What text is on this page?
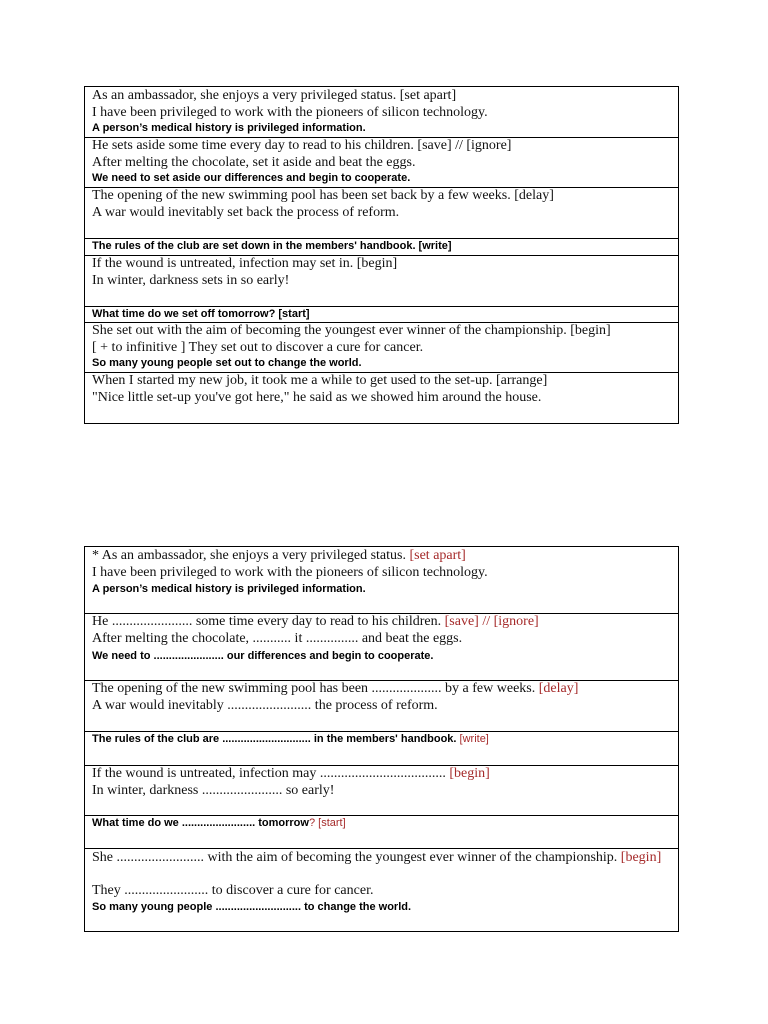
As an ambassador, she enjoys a very privileged status. [set apart]
I have been privileged to work with the pioneers of silicon technology.
A person’s medical history is privileged information.
He sets aside some time every day to read to his children. [save] // [ignore]
After melting the chocolate, set it aside and beat the eggs.
We need to set aside our differences and begin to cooperate.
The opening of the new swimming pool has been set back by a few weeks. [delay]
A war would inevitably set back the process of reform.
The rules of the club are set down in the members' handbook. [write]
If the wound is untreated, infection may set in. [begin]
In winter, darkness sets in so early!
What time do we set off tomorrow? [start]
She set out with the aim of becoming the youngest ever winner of the championship. [begin]
[ + to infinitive ] They set out to discover a cure for cancer.
So many young people set out to change the world.
When I started my new job, it took me a while to get used to the set-up. [arrange]
"Nice little set-up you've got here," he said as we showed him around the house.
* As an ambassador, she enjoys a very privileged status. [set apart]
I have been privileged to work with the pioneers of silicon technology.
A person’s medical history is privileged information.
He ....................... some time every day to read to his children. [save] // [ignore]
After melting the chocolate, ........... it ............... and beat the eggs.
We need to ....................... our differences and begin to cooperate.
The opening of the new swimming pool has been .................... by a few weeks. [delay]
A war would inevitably ........................ the process of reform.
The rules of the club are ............................. in the members' handbook. [write]
If the wound is untreated, infection may .................................... [begin]
In winter, darkness ....................... so early!
What time do we ........................ tomorrow? [start]
She ......................... with the aim of becoming the youngest ever winner of the championship. [begin]
They ........................ to discover a cure for cancer.
So many young people ............................ to change the world.
